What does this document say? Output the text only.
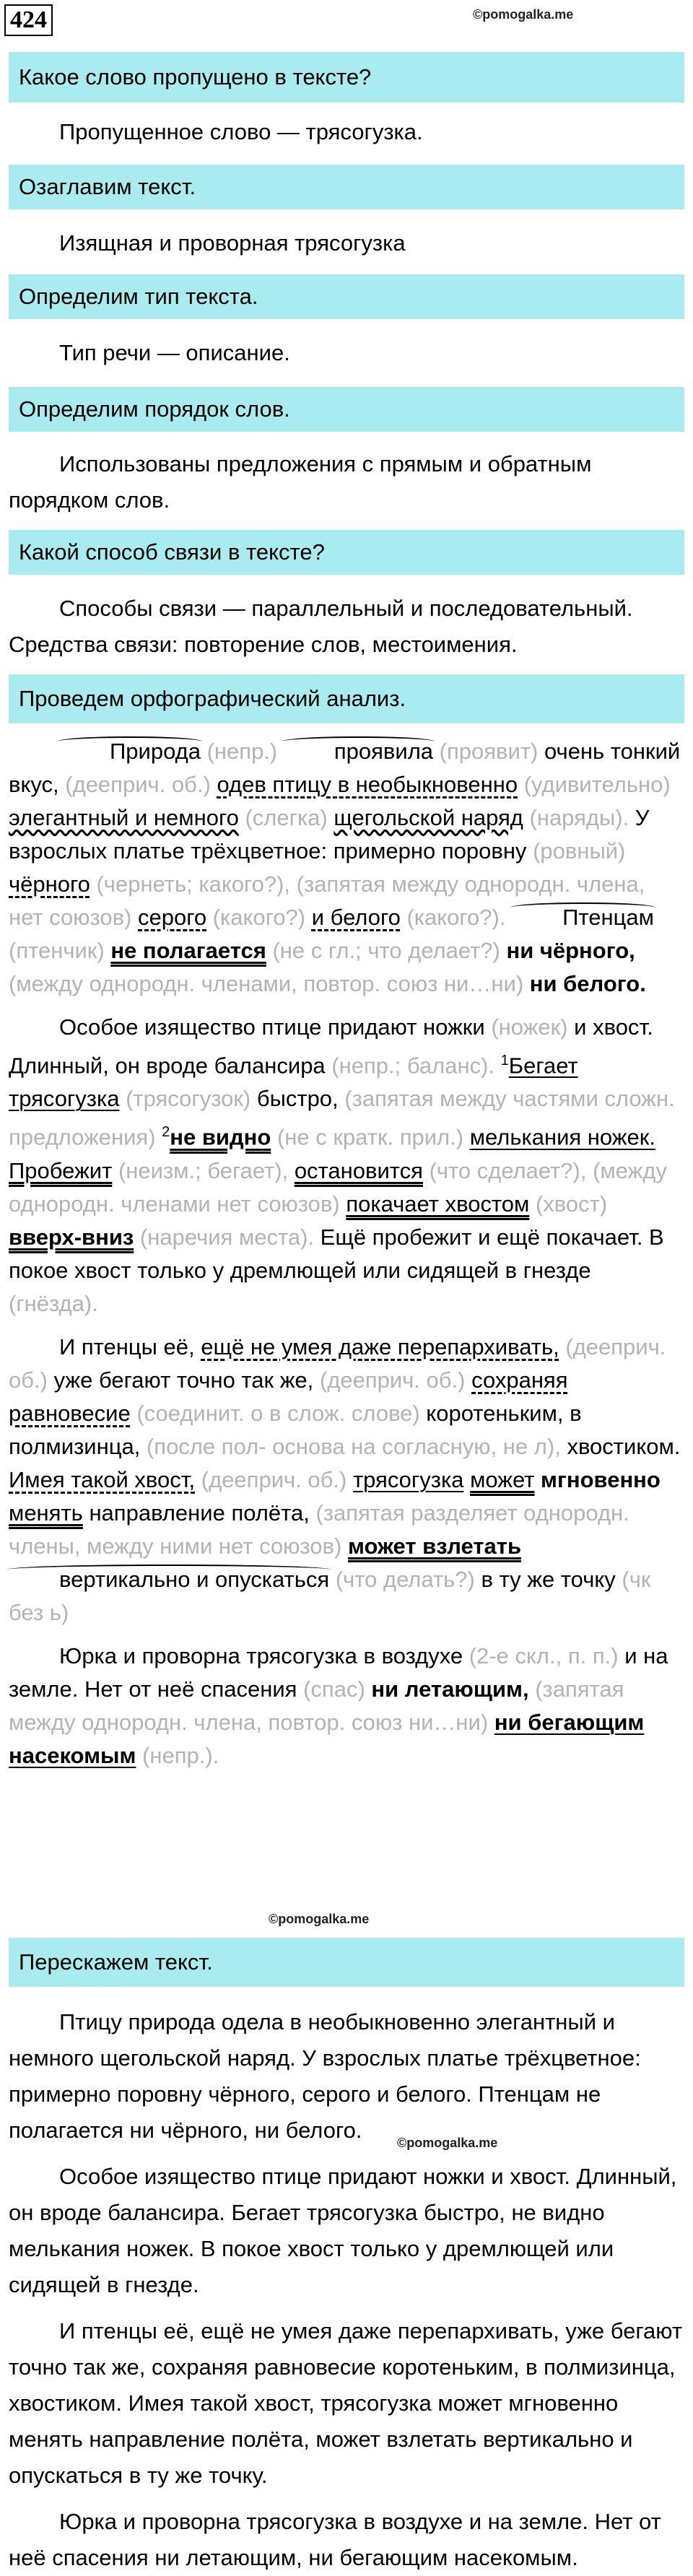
424	©pomogalka.me
Какое слово пропущено в тексте?
Пропущенное слово — трясогузка.
Озаглавим текст.
Изящная и проворная трясогузка
Определим тип текста.
Тип речи — описание.
Определим порядок слов.
Использованы предложения с прямым и обратным порядком слов.
Какой способ связи в тексте?
Способы связи — параллельный и последовательный. Средства связи: повторение слов, местоимения.
Проведем орфографический анализ.

Природа (непр.)	проявила (проявит) очень тонкий вкус, (дееприч. об.) одев птицу в необыкновенно (удивительно) элегантный и немного (слегка) щегольской наряд (наряды). У взрослых платье трёхцветное: примерно поровну (ровный) чёрного (чернеть; какого?), (запятая между однородн. члена, нет союзов) серого (какого?) и белого (какого?).	Птенцам (птенчик) не полагается (не с гл.; что делает?) ни чёрного, (между однородн. членами, повтор. союз ни…ни) ни белого.

Особое изящество птице придают ножки (ножек) и хвост. Длинный, он вроде балансира (непр.; баланс). $^1$Бегает трясогузка (трясогузок) быстро, (запятая между частями сложн. предложения) $^2$не видно (не с кратк. прил.) мелькания ножек. Пробежит (неизм.; бегает), остановится (что сделает?), (между однородн. членами нет союзов) покачает хвостом (хвост) вверх-вниз (наречия места). Ещё пробежит и ещё покачает. В покое хвост только у дремлющей или сидящей в гнезде (гнёзда).

И птенцы её, ещё не умея даже перепархивать, (дееприч. об.) уже бегают точно так же, (дееприч. об.) сохраняя равновесие (соединит. о в слож. слове) коротеньким, в полмизинца, (после пол- основа на согласную, не л), хвостиком. Имея такой хвост, (дееприч. об.) трясогузка может мгновенно менять направление полёта, (запятая разделяет однородн. члены, между ними нет союзов) может взлетать вертикально и опускаться (что делать?) в ту же точку (чк без ь)

Юрка и проворна трясогузка в воздухе (2-е скл., п. п.) и на земле. Нет от неё спасения (спас) ни летающим, (запятая между однородн. члена, повтор. союз ни…ни) ни бегающим насекомым (непр.).

©pomogalka.me
Перескажем текст.

Птицу природа одела в необыкновенно элегантный и немного щегольской наряд. У взрослых платье трёхцветное: примерно поровну чёрного, серого и белого. Птенцам не полагается ни чёрного, ни белого.

Особое изящество птице придают ножки и хвост. Длинный, он вроде балансира. Бегает трясогузка быстро, не видно мелькания ножек. В покое хвост только у дремлющей или сидящей в гнезде.

И птенцы её, ещё не умея даже перепархивать, уже бегают точно так же, сохраняя равновесие коротеньким, в полмизинца, хвостиком. Имея такой хвост, трясогузка может мгновенно менять направление полёта, может взлетать вертикально и опускаться в ту же точку.

Юрка и проворна трясогузка в воздухе и на земле. Нет от неё спасения ни летающим, ни бегающим насекомым.

©pomogalka.me
